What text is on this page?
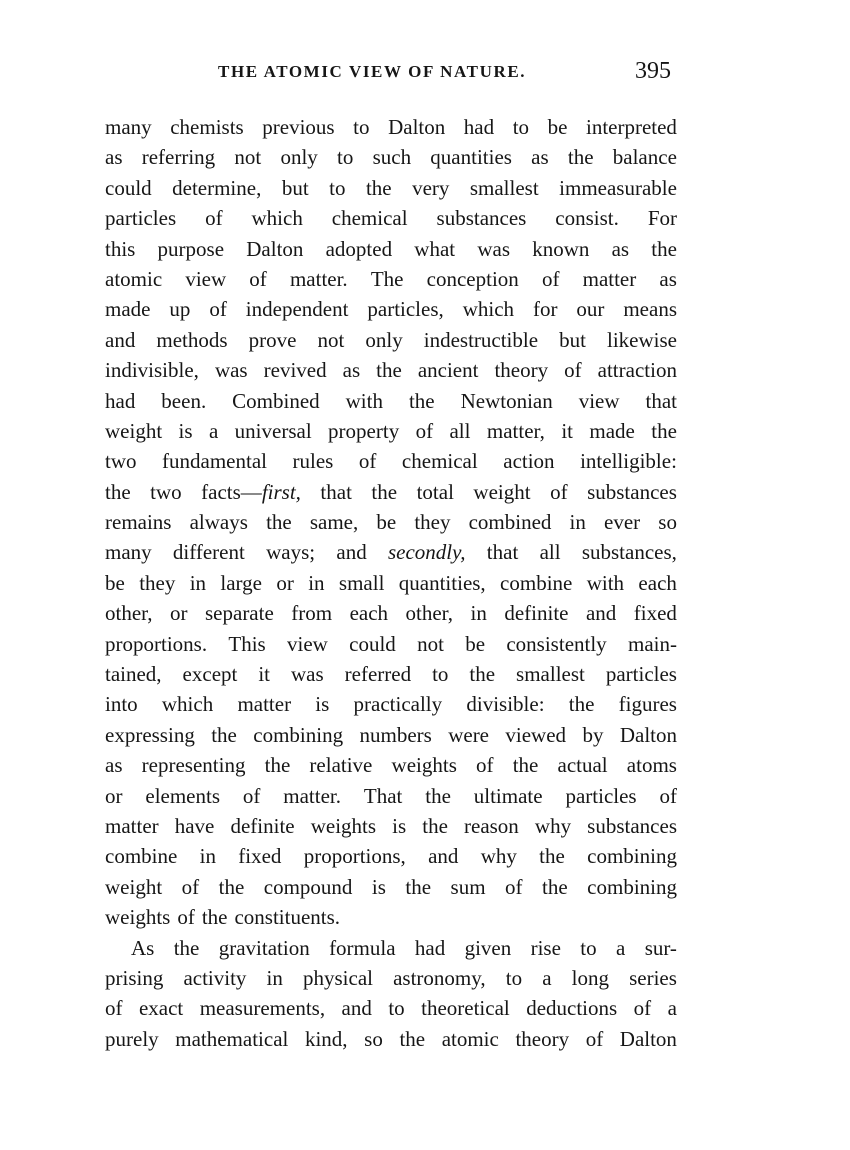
THE ATOMIC VIEW OF NATURE.	395
many chemists previous to Dalton had to be interpreted
as referring not only to such quantities as the balance
could determine, but to the very smallest immeasurable
particles of which chemical substances consist. For
this purpose Dalton adopted what was known as the
atomic view of matter. The conception of matter as
made up of independent particles, which for our means
and methods prove not only indestructible but likewise
indivisible, was revived as the ancient theory of attraction
had been. Combined with the Newtonian view that
weight is a universal property of all matter, it made the
two fundamental rules of chemical action intelligible:
the two facts—first, that the total weight of substances
remains always the same, be they combined in ever so
many different ways; and secondly, that all substances,
be they in large or in small quantities, combine with each
other, or separate from each other, in definite and fixed
proportions. This view could not be consistently main-
tained, except it was referred to the smallest particles
into which matter is practically divisible: the figures
expressing the combining numbers were viewed by Dalton
as representing the relative weights of the actual atoms
or elements of matter. That the ultimate particles of
matter have definite weights is the reason why substances
combine in fixed proportions, and why the combining
weight of the compound is the sum of the combining
weights of the constituents.
As the gravitation formula had given rise to a sur-
prising activity in physical astronomy, to a long series
of exact measurements, and to theoretical deductions of a
purely mathematical kind, so the atomic theory of Dalton
